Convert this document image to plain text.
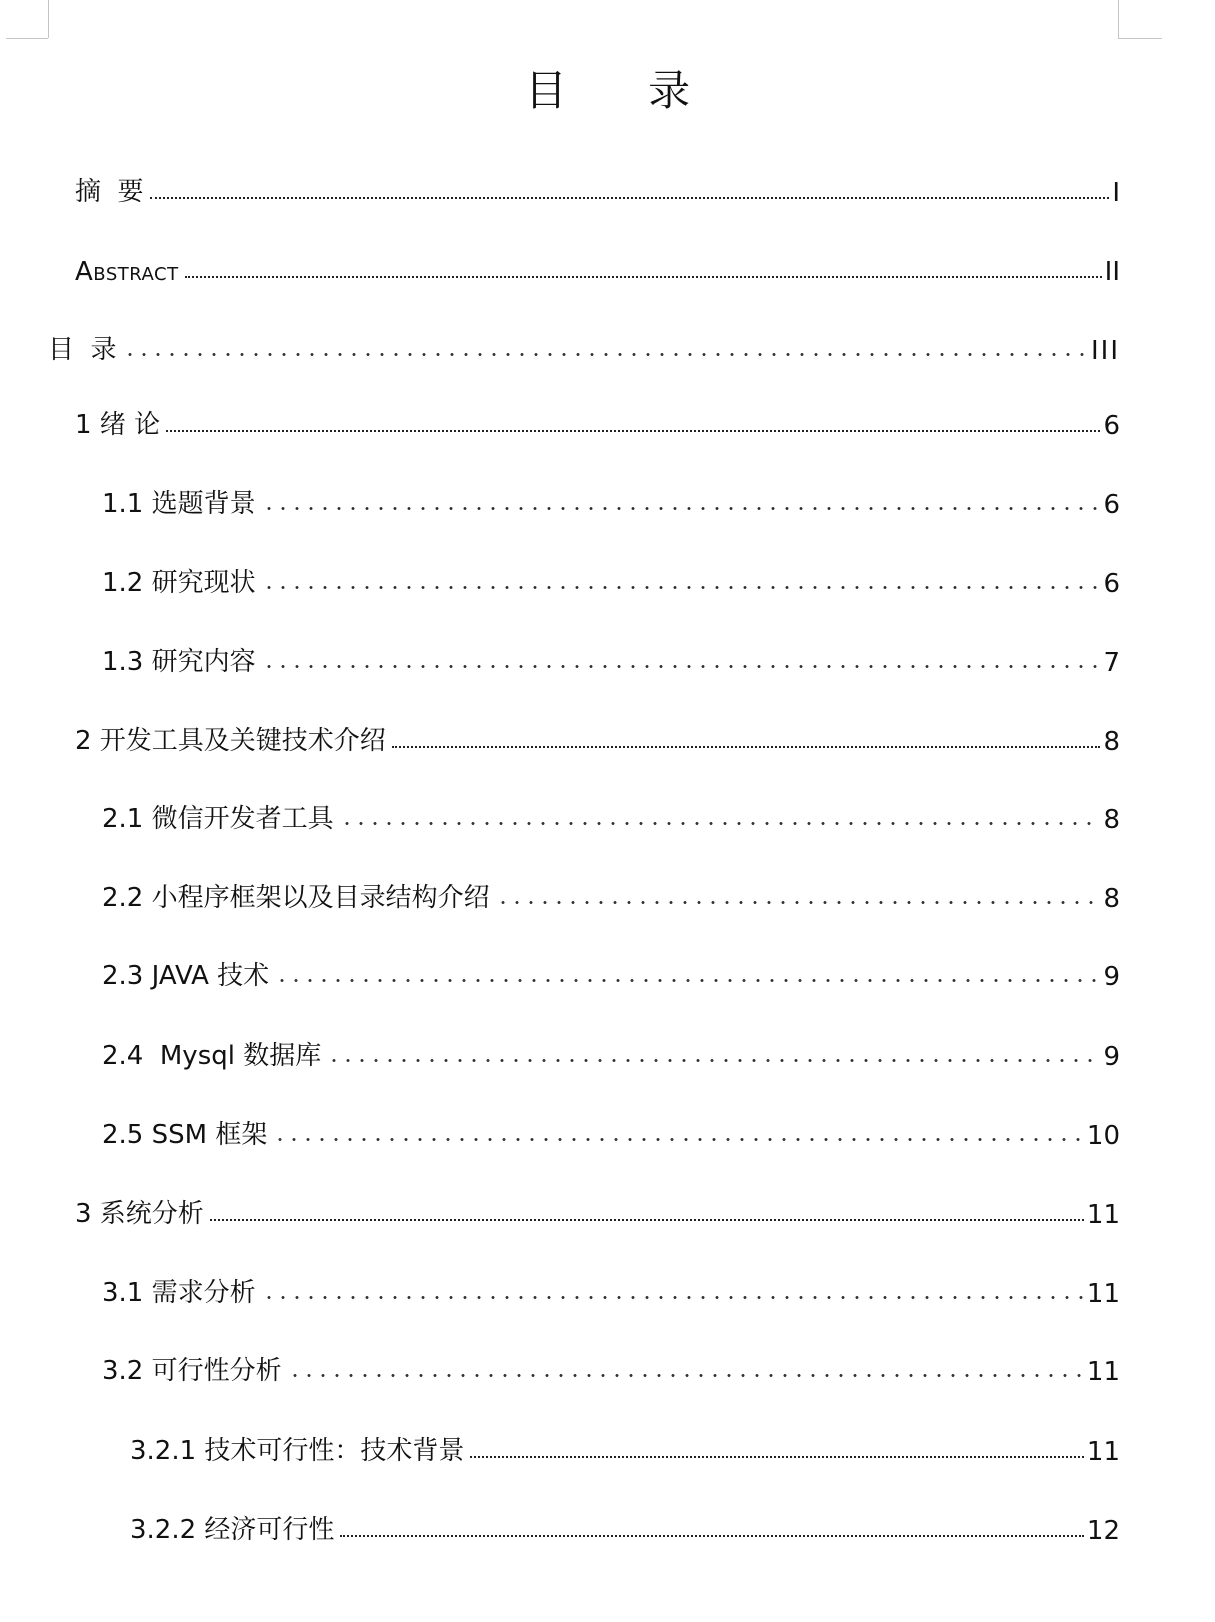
目 录
摘  要	I
Abstract	II
目  录	III
1 绪 论	6
1.1 选题背景	6
1.2 研究现状	6
1.3 研究内容	7
2 开发工具及关键技术介绍	8
2.1 微信开发者工具	8
2.2 小程序框架以及目录结构介绍	8
2.3 JAVA 技术	9
2.4  Mysql 数据库	9
2.5 SSM 框架	10
3 系统分析	11
3.1 需求分析	11
3.2 可行性分析	11
3.2.1 技术可行性：技术背景	11
3.2.2 经济可行性	12
